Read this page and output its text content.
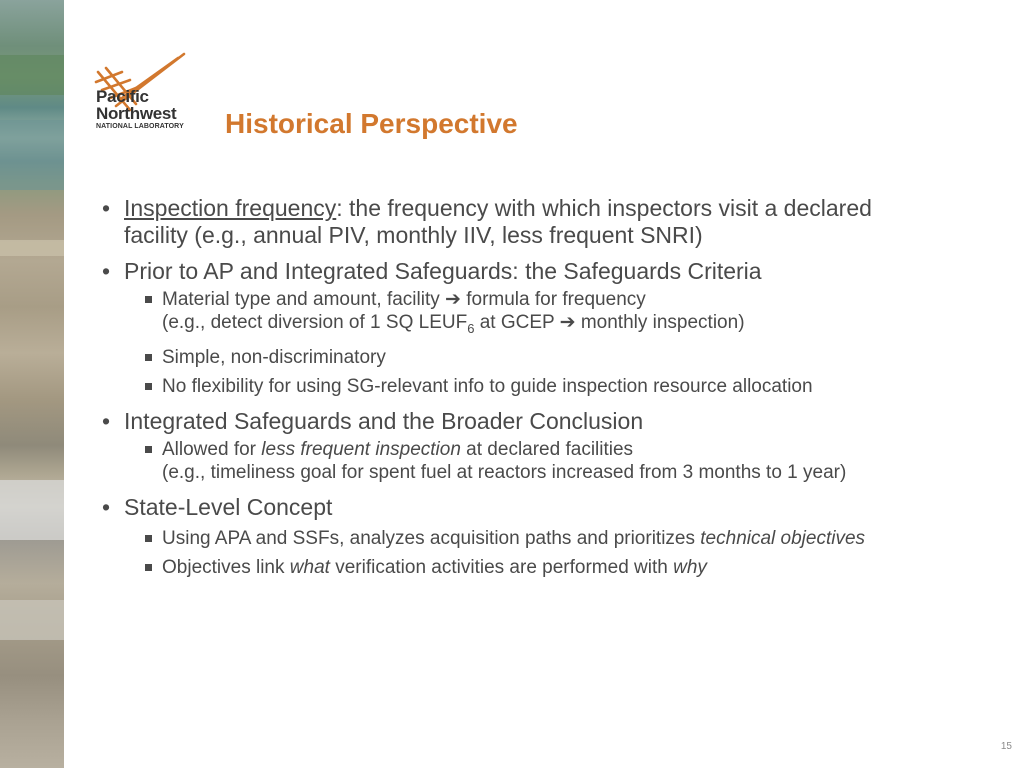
Pacific
Northwest
NATIONAL LABORATORY Historical Perspective
• Inspection frequency: the frequency with which inspectors visit a declared
facility (e.g., annual PIV, monthly IIV, less frequent SNRI)
• Prior to AP and Integrated Safeguards: the Safeguards Criteria
Material type and amount, facility ➔ formula for frequency
(e.g., detect diversion of 1 SQ $LEUF_6$ at GCEP ➔ monthly inspection)
Simple, non-discriminatory
No flexibility for using SG-relevant info to guide inspection resource allocation
• Integrated Safeguards and the Broader Conclusion
Allowed for less frequent inspection at declared facilities
(e.g., timeliness goal for spent fuel at reactors increased from 3 months to 1 year)
• State-Level Concept
Using APA and SSFs, analyzes acquisition paths and prioritizes technical objectives
Objectives link what verification activities are performed with why
15
